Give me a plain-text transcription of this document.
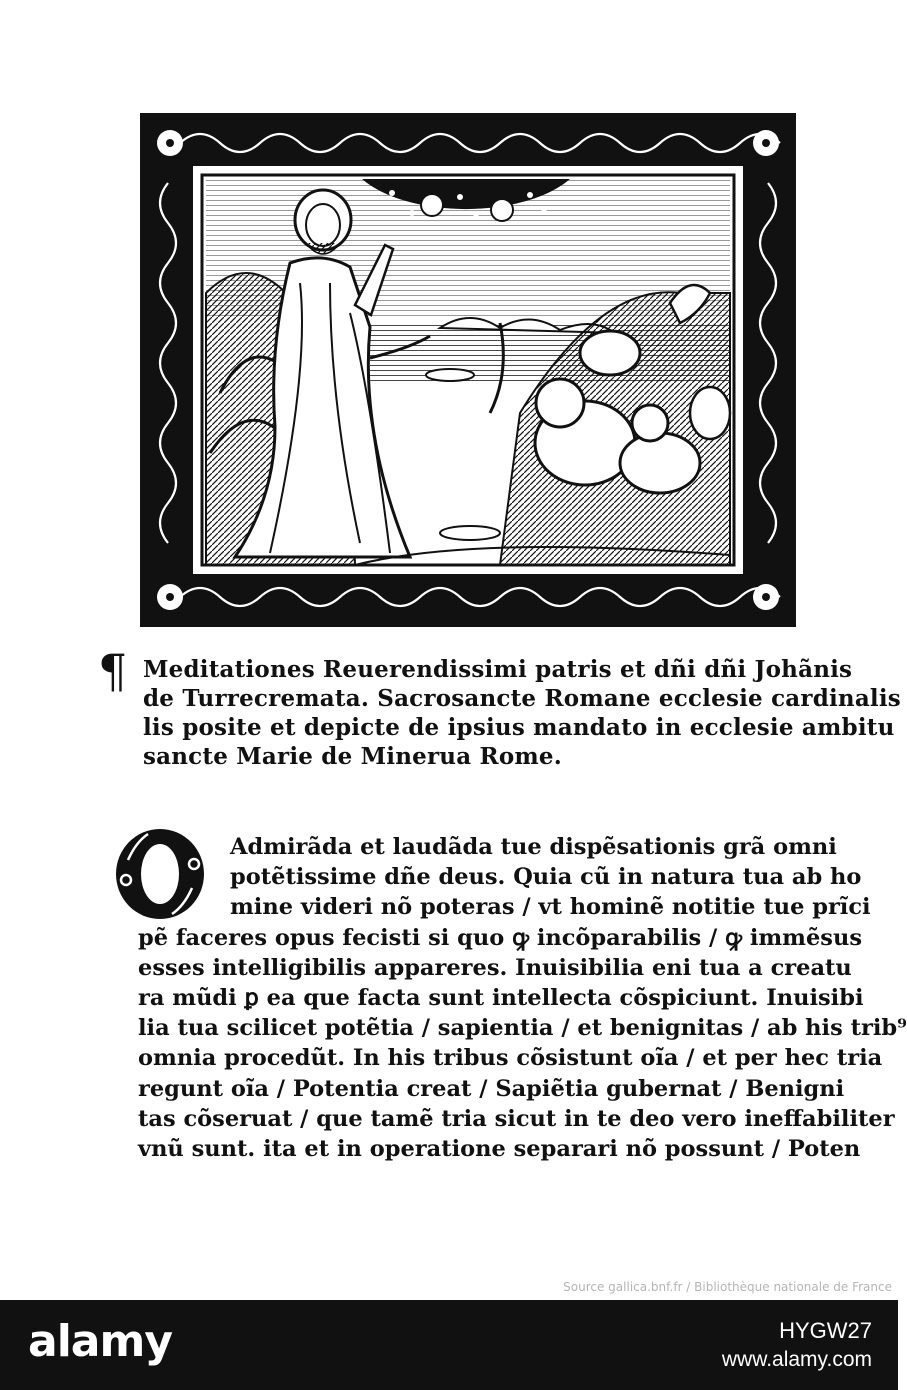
¶ Meditationes Reuerendissimi patris et dñi dñi Johãnis
de Turrecremata. Sacrosancte Romane ecclesie cardinalis
lis posite et depicte de ipsius mandato in ecclesie ambitu
sancte Marie de Minerua Rome.
Admirãda et laudãda tue dispẽsationis grã omni
potẽtissime dñe deus. Quia cũ in natura tua ab ho
mine videri nõ poteras / vt hominẽ notitie tue prĩci
pẽ faceres opus fecisti si quo ꝙ incõparabilis / ꝙ immẽsus
esses intelligibilis appareres. Inuisibilia eni tua a creatu
ra mũdi ꝑ ea que facta sunt intellecta cõspiciunt. Inuisibi
lia tua scilicet potẽtia / sapientia / et benignitas / ab his trib⁹
omnia procedũt. In his tribus cõsistunt oĩa / et per hec tria
regunt oĩa / Potentia creat / Sapiẽtia gubernat / Benigni
tas cõseruat / que tamẽ tria sicut in te deo vero ineffabiliter
vnũ sunt. ita et in operatione separari nõ possunt / Poten
Source gallica.bnf.fr / Bibliothèque nationale de France
alamy	HYGW27
www.alamy.com
